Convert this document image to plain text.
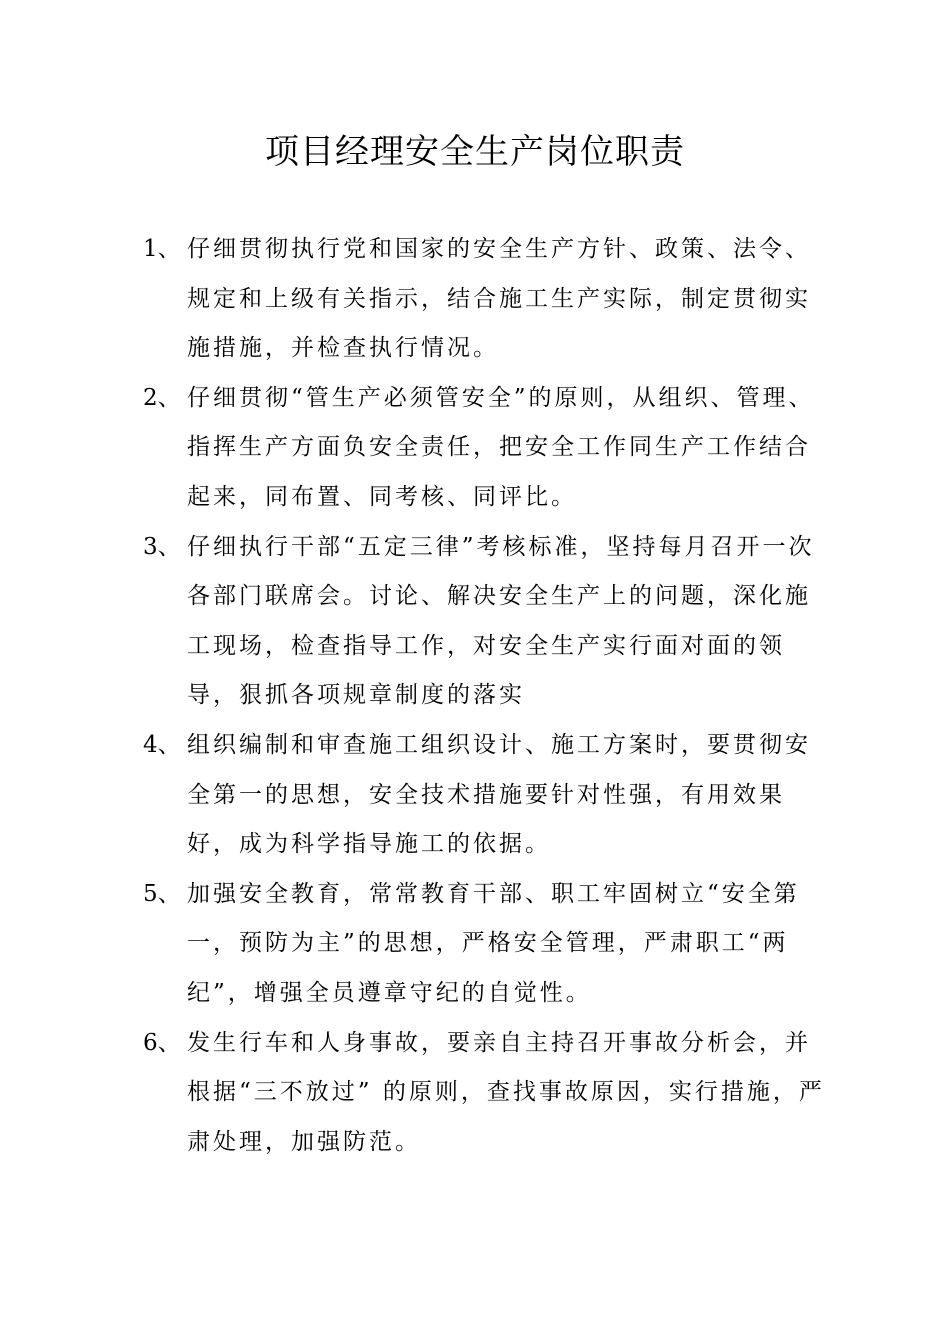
项目经理安全生产岗位职责
1、 仔细贯彻执行党和国家的安全生产方针、政策、法令、规定和上级有关指示，结合施工生产实际，制定贯彻实施措施，并检查执行情况。
2、 仔细贯彻“管生产必须管安全”的原则，从组织、管理、指挥生产方面负安全责任，把安全工作同生产工作结合起来，同布置、同考核、同评比。
3、 仔细执行干部“五定三律”考核标准，坚持每月召开一次各部门联席会。讨论、解决安全生产上的问题，深化施工现场，检查指导工作，对安全生产实行面对面的领导，狠抓各项规章制度的落实
4、 组织编制和审查施工组织设计、施工方案时，要贯彻安全第一的思想，安全技术措施要针对性强，有用效果好，成为科学指导施工的依据。
5、 加强安全教育，常常教育干部、职工牢固树立“安全第一，预防为主”的思想，严格安全管理，严肃职工“两纪”，增强全员遵章守纪的自觉性。
6、 发生行车和人身事故，要亲自主持召开事故分析会，并根据“三不放过” 的原则，查找事故原因，实行措施，严肃处理，加强防范。
